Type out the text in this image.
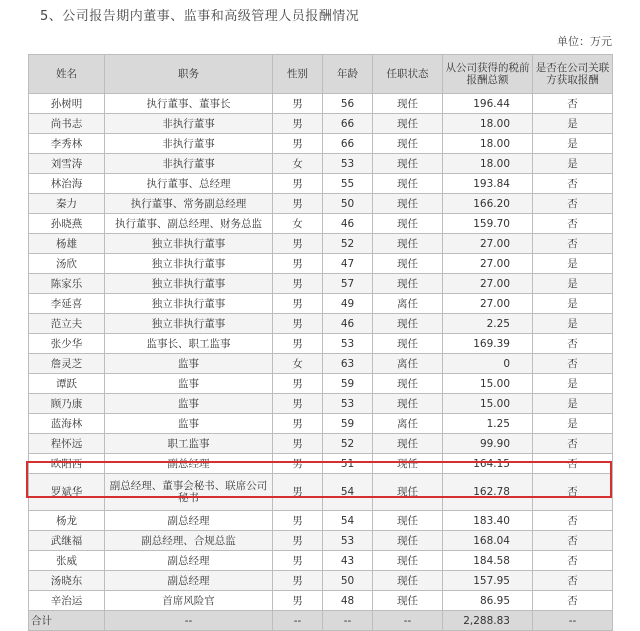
5、公司报告期内董事、监事和高级管理人员报酬情况
单位：万元
姓名	职务	性别	年龄	任职状态	从公司获得的税前报酬总额	是否在公司关联方获取报酬
孙树明	执行董事、董事长	男	56	现任	196.44	否
尚书志	非执行董事	男	66	现任	18.00	是
李秀林	非执行董事	男	66	现任	18.00	是
刘雪涛	非执行董事	女	53	现任	18.00	是
林治海	执行董事、总经理	男	55	现任	193.84	否
秦力	执行董事、常务副总经理	男	50	现任	166.20	否
孙晓燕	执行董事、副总经理、财务总监	女	46	现任	159.70	否
杨雄	独立非执行董事	男	52	现任	27.00	否
汤欣	独立非执行董事	男	47	现任	27.00	是
陈家乐	独立非执行董事	男	57	现任	27.00	是
李延喜	独立非执行董事	男	49	离任	27.00	是
范立夫	独立非执行董事	男	46	现任	2.25	是
张少华	监事长、职工监事	男	53	现任	169.39	否
詹灵芝	监事	女	63	离任	0	否
谭跃	监事	男	59	现任	15.00	是
顾乃康	监事	男	53	现任	15.00	是
蓝海林	监事	男	59	离任	1.25	是
程怀远	职工监事	男	52	现任	99.90	否
欧阳西	副总经理	男	51	现任	164.15	否
罗斌华	副总经理、董事会秘书、联席公司秘书	男	54	现任	162.78	否
杨龙	副总经理	男	54	现任	183.40	否
武继福	副总经理、合规总监	男	53	现任	168.04	否
张威	副总经理	男	43	现任	184.58	否
汤晓东	副总经理	男	50	现任	157.95	否
辛治运	首席风险官	男	48	现任	86.95	否
合计	--	--	--	--	2,288.83	--
